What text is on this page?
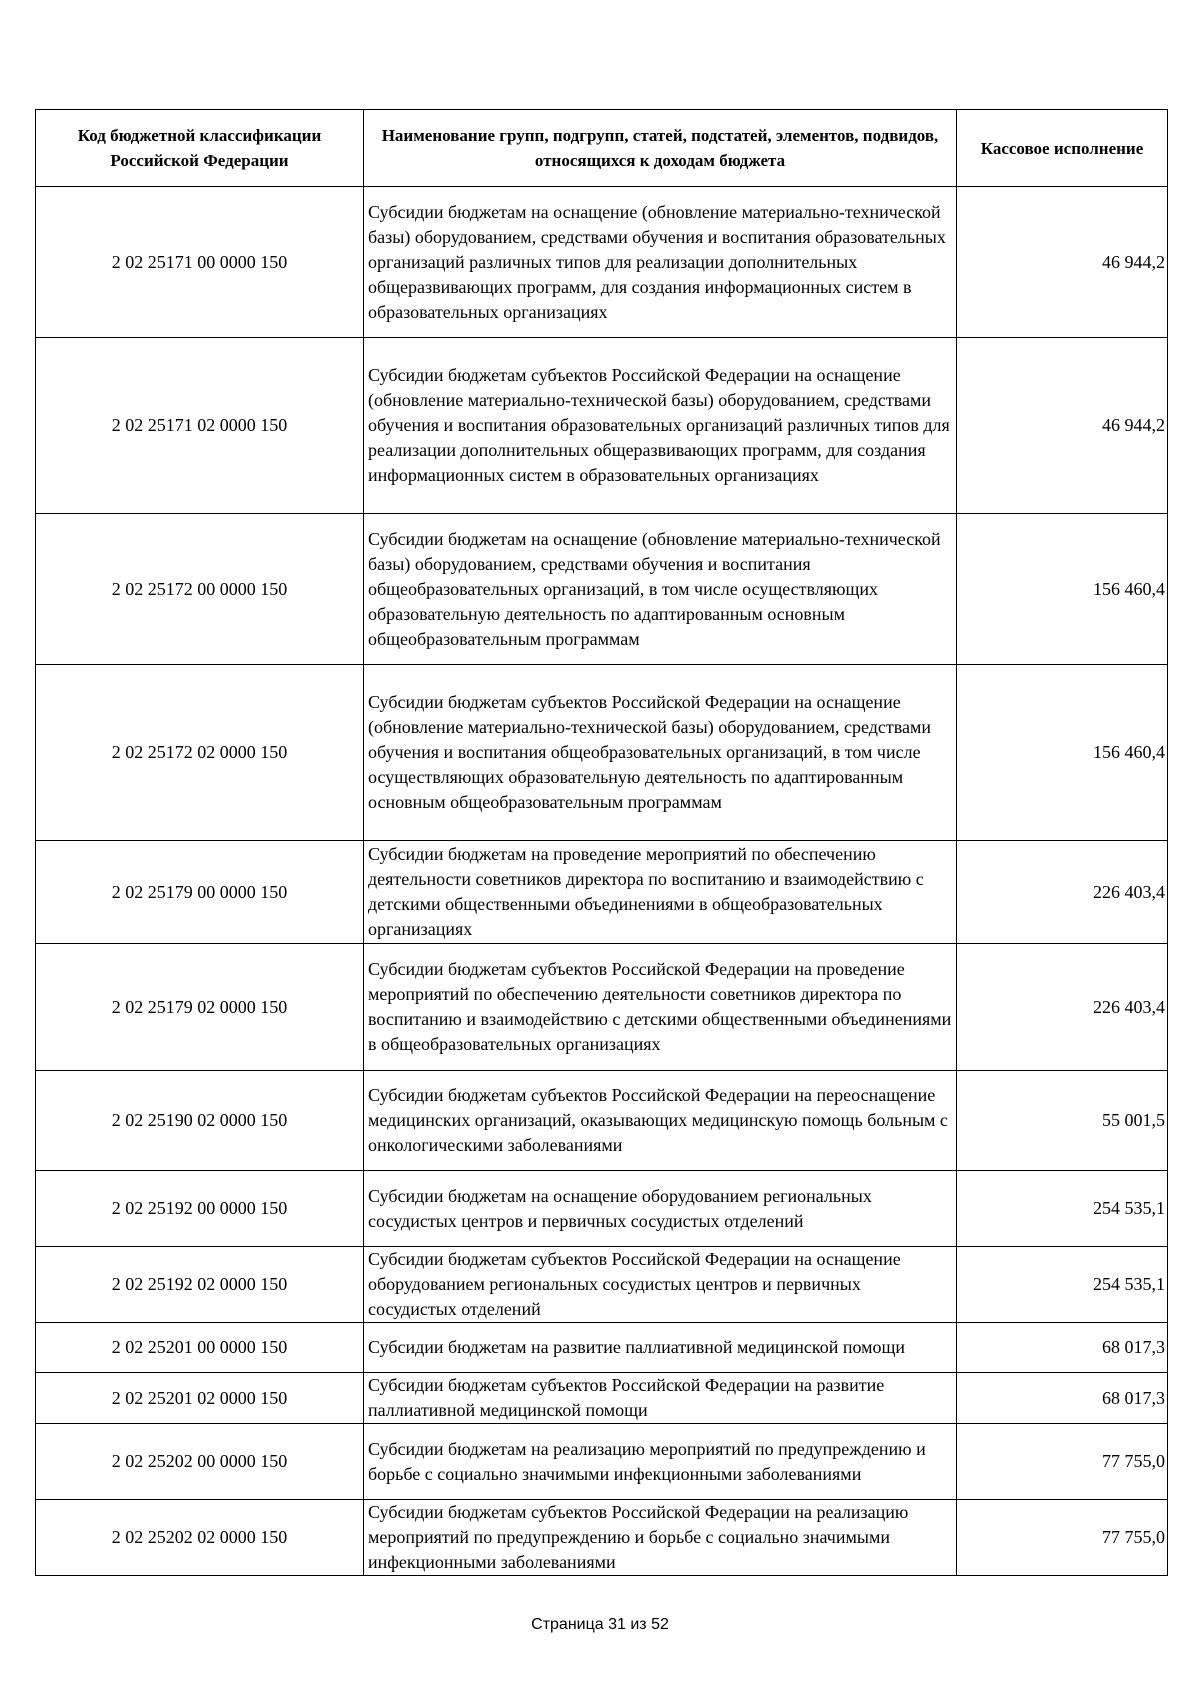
Код бюджетной классификации Российской Федерации	Наименование групп, подгрупп, статей, подстатей, элементов, подвидов, относящихся к доходам бюджета	Кассовое исполнение
2 02 25171 00 0000 150	Субсидии бюджетам на оснащение (обновление материально-технической базы) оборудованием, средствами обучения и воспитания образовательных организаций различных типов для реализации дополнительных общеразвивающих программ, для создания информационных систем в образовательных организациях	46 944,2
2 02 25171 02 0000 150	Субсидии бюджетам субъектов Российской Федерации на оснащение (обновление материально-технической базы) оборудованием, средствами обучения и воспитания образовательных организаций различных типов для реализации дополнительных общеразвивающих программ, для создания информационных систем в образовательных организациях	46 944,2
2 02 25172 00 0000 150	Субсидии бюджетам на оснащение (обновление материально-технической базы) оборудованием, средствами обучения и воспитания общеобразовательных организаций, в том числе осуществляющих образовательную деятельность по адаптированным основным общеобразовательным программам	156 460,4
2 02 25172 02 0000 150	Субсидии бюджетам субъектов Российской Федерации на оснащение (обновление материально-технической базы) оборудованием, средствами обучения и воспитания общеобразовательных организаций, в том числе осуществляющих образовательную деятельность по адаптированным основным общеобразовательным программам	156 460,4
2 02 25179 00 0000 150	Субсидии бюджетам на проведение мероприятий по обеспечению деятельности советников директора по воспитанию и взаимодействию с детскими общественными объединениями в общеобразовательных организациях	226 403,4
2 02 25179 02 0000 150	Субсидии бюджетам субъектов Российской Федерации на проведение мероприятий по обеспечению деятельности советников директора по воспитанию и взаимодействию с детскими общественными объединениями в общеобразовательных организациях	226 403,4
2 02 25190 02 0000 150	Субсидии бюджетам субъектов Российской Федерации на переоснащение медицинских организаций, оказывающих медицинскую помощь больным с онкологическими заболеваниями	55 001,5
2 02 25192 00 0000 150	Субсидии бюджетам на оснащение оборудованием региональных сосудистых центров и первичных сосудистых отделений	254 535,1
2 02 25192 02 0000 150	Субсидии бюджетам субъектов Российской Федерации на оснащение оборудованием региональных сосудистых центров и первичных сосудистых отделений	254 535,1
2 02 25201 00 0000 150	Субсидии бюджетам на развитие паллиативной медицинской помощи	68 017,3
2 02 25201 02 0000 150	Субсидии бюджетам субъектов Российской Федерации на развитие паллиативной медицинской помощи	68 017,3
2 02 25202 00 0000 150	Субсидии бюджетам на реализацию мероприятий по предупреждению и борьбе с социально значимыми инфекционными заболеваниями	77 755,0
2 02 25202 02 0000 150	Субсидии бюджетам субъектов Российской Федерации на реализацию мероприятий по предупреждению и борьбе с социально значимыми инфекционными заболеваниями	77 755,0
Страница 31 из 52
